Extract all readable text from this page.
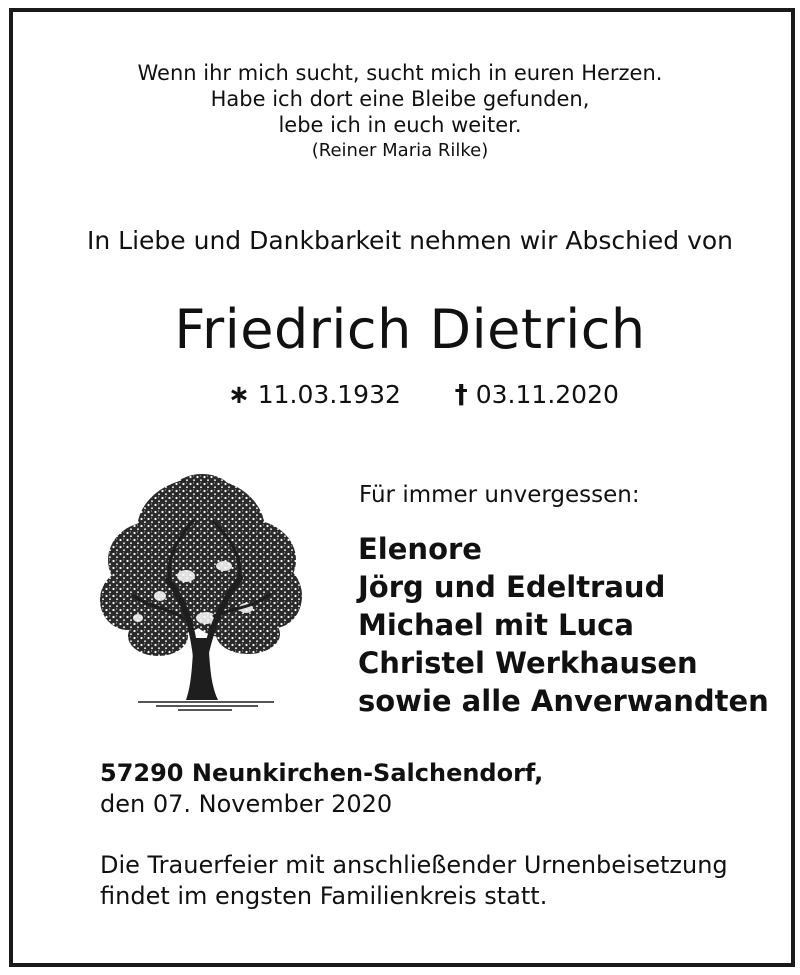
Wenn ihr mich sucht, sucht mich in euren Herzen.
Habe ich dort eine Bleibe gefunden,
lebe ich in euch weiter.
(Reiner Maria Rilke)
In Liebe und Dankbarkeit nehmen wir Abschied von
Friedrich Dietrich
∗ 11.03.1932 † 03.11.2020
Für immer unvergessen:
Elenore
Jörg und Edeltraud
Michael mit Luca
Christel Werkhausen
sowie alle Anverwandten
57290 Neunkirchen-Salchendorf,
den 07. November 2020
Die Trauerfeier mit anschließender Urnenbeisetzung
findet im engsten Familienkreis statt.
